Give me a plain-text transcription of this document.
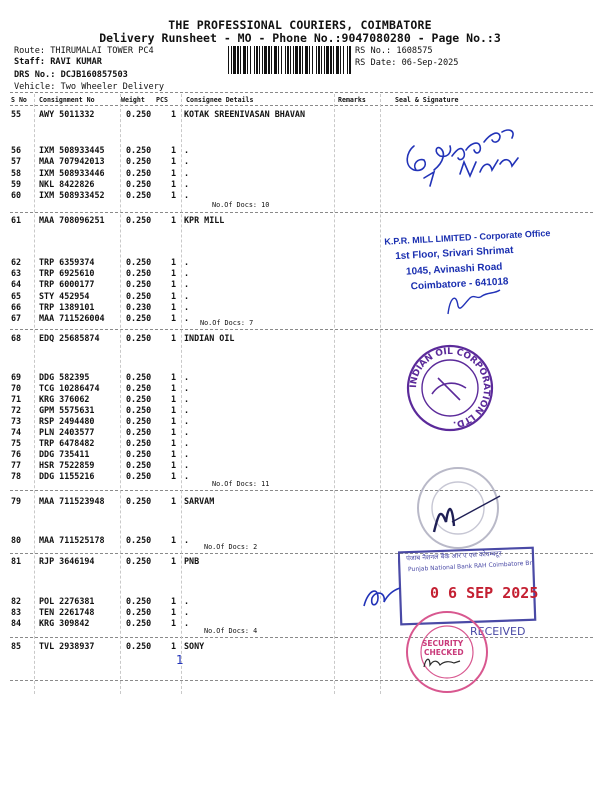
THE PROFESSIONAL COURIERS, COIMBATORE
Delivery Runsheet - MO - Phone No.:9047080280 - Page No.:3
Route: THIRUMALAI TOWER PC4
Staff: RAVI KUMAR
DRS No.: DCJB160857503
Vehicle: Two Wheeler Delivery
RS No.: 1608575
RS Date: 06-Sep-2025
S No Consignment No	Weight PCS	Consignee Details	Remarks	Seal & Signature
55 AWY 5011332	0.250 1 KOTAK SREENIVASAN BHAVAN
56 IXM 508933445	0.250 1 .
57 MAA 707942013	0.250 1 .
58 IXM 508933446	0.250 1 .
59 NKL 8422826	0.250 1 .
60 IXM 508933452	0.250 1 .
61 MAA 708096251	0.250 1 KPR MILL
62 TRP 6359374	0.250 1 .
63 TRP 6925610	0.250 1 .
64 TRP 6000177	0.250 1 .
65 STY 452954	0.250 1 .
66 TRP 1389101	0.230 1 .
67 MAA 711526004	0.250 1 .
68 EDQ 25685874	0.250 1 INDIAN OIL
69 DDG 582395	0.250 1 .
70 TCG 10286474	0.250 1 .
71 KRG 376062	0.250 1 .
72 GPM 5575631	0.250 1 .
73 RSP 2494480	0.250 1 .
74 PLN 2403577	0.250 1 .
75 TRP 6478482	0.250 1 .
76 DDG 735411	0.250 1 .
77 HSR 7522859	0.250 1 .
78 DDG 1155216	0.250 1 .
79 MAA 711523948	0.250 1 SARVAM
80 MAA 711525178	0.250 1 .
81 RJP 3646194	0.250 1 PNB
82 POL 2276381	0.250 1 .
83 TEN 2261748	0.250 1 .
84 KRG 309842	0.250 1 .
85 TVL 2938937	0.250 1 SONY
No.Of Docs: 10
No.Of Docs: 7
No.Of Docs: 11
No.Of Docs: 2
No.Of Docs: 4
K.P.R. MILL LIMITED - Corporate Office
1st Floor, Srivari Shrimat
1045, Avinashi Road
Coimbatore - 641018
INDIAN OIL CORPORATION LTD.
पंजाब नैशनल बैंक आर ए एस कोयम्बटूर
Punjab National Bank RAH Coimbatore Br
0 6 SEP 2025
RECEIVED
SECURITY
CHECKED
1
